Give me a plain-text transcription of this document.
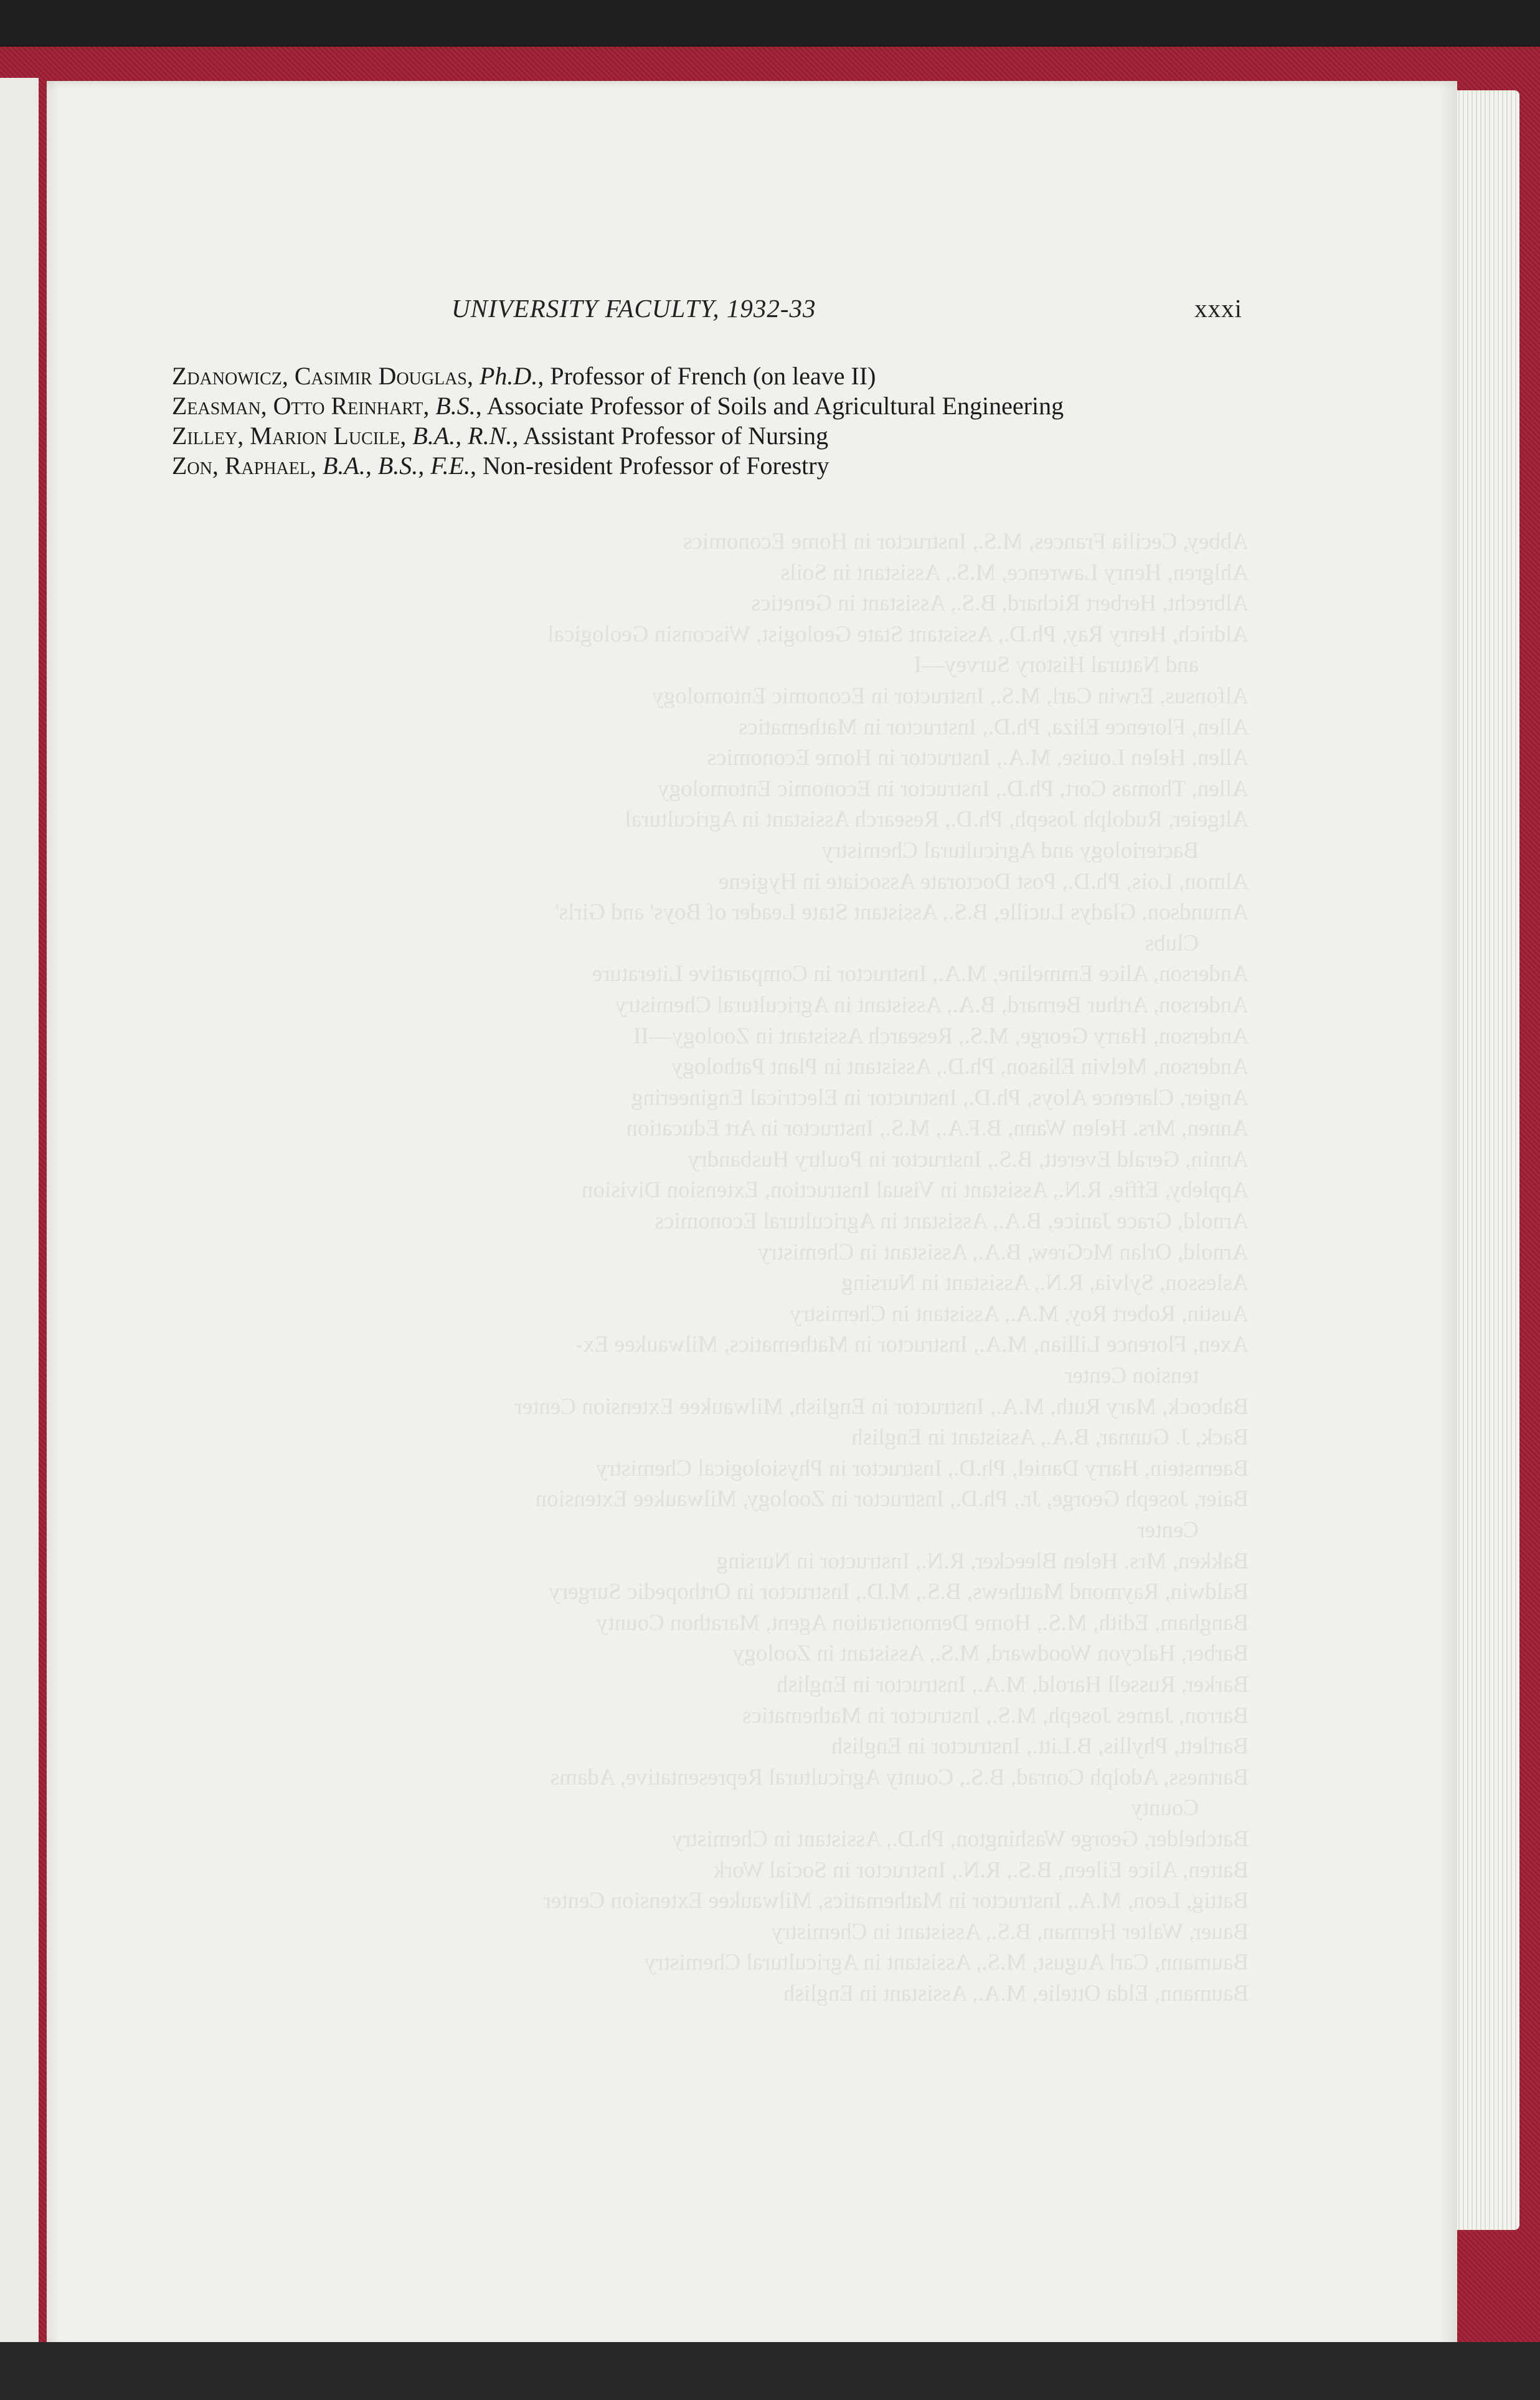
Abbey, Cecilia Frances, M.S., Instructor in Home Economics
Ahlgren, Henry Lawrence, M.S., Assistant in Soils
Albrecht, Herbert Richard, B.S., Assistant in Genetics
Aldrich, Henry Ray, Ph.D., Assistant State Geologist, Wisconsin Geological
and Natural History Survey—I
Alfonsus, Erwin Carl, M.S., Instructor in Economic Entomology
Allen, Florence Eliza, Ph.D., Instructor in Mathematics
Allen, Helen Louise, M.A., Instructor in Home Economics
Allen, Thomas Cort, Ph.D., Instructor in Economic Entomology
Altgeier, Rudolph Joseph, Ph.D., Research Assistant in Agricultural
Bacteriology and Agricultural Chemistry
Almon, Lois, Ph.D., Post Doctorate Associate in Hygiene
Amundson, Gladys Lucille, B.S., Assistant State Leader of Boys' and Girls'
Clubs
Anderson, Alice Emmeline, M.A., Instructor in Comparative Literature
Anderson, Arthur Bernard, B.A., Assistant in Agricultural Chemistry
Anderson, Harry George, M.S., Research Assistant in Zoology—II
Anderson, Melvin Eliason, Ph.D., Assistant in Plant Pathology
Angier, Clarence Aloys, Ph.D., Instructor in Electrical Engineering
Annen, Mrs. Helen Wann, B.F.A., M.S., Instructor in Art Education
Annin, Gerald Everett, B.S., Instructor in Poultry Husbandry
Appleby, Effie, R.N., Assistant in Visual Instruction, Extension Division
Arnold, Grace Janice, B.A., Assistant in Agricultural Economics
Arnold, Orlan McGrew, B.A., Assistant in Chemistry
Aslesson, Sylvia, R.N., Assistant in Nursing
Austin, Robert Roy, M.A., Assistant in Chemistry
Axen, Florence Lillian, M.A., Instructor in Mathematics, Milwaukee Ex-
tension Center
Babcock, Mary Ruth, M.A., Instructor in English, Milwaukee Extension Center
Back, J. Gunnar, B.A., Assistant in English
Baernstein, Harry Daniel, Ph.D., Instructor in Physiological Chemistry
Baier, Joseph George, Jr., Ph.D., Instructor in Zoology, Milwaukee Extension
Center
Bakken, Mrs. Helen Bleecker, R.N., Instructor in Nursing
Baldwin, Raymond Matthews, B.S., M.D., Instructor in Orthopedic Surgery
Bangham, Edith, M.S., Home Demonstration Agent, Marathon County
Barber, Halcyon Woodward, M.S., Assistant in Zoology
Barker, Russell Harold, M.A., Instructor in English
Barron, James Joseph, M.S., Instructor in Mathematics
Bartlett, Phyllis, B.Litt., Instructor in English
Bartness, Adolph Conrad, B.S., County Agricultural Representative, Adams
County
Batchelder, George Washington, Ph.D., Assistant in Chemistry
Batten, Alice Eileen, B.S., R.N., Instructor in Social Work
Battig, Leon, M.A., Instructor in Mathematics, Milwaukee Extension Center
Bauer, Walter Herman, B.S., Assistant in Chemistry
Baumann, Carl August, M.S., Assistant in Agricultural Chemistry
Baumann, Elda Ottelie, M.A., Assistant in English
UNIVERSITY FACULTY, 1932-33	xxxi

Zdanowicz, Casimir Douglas, Ph.D., Professor of French (on leave II)

Zeasman, Otto Reinhart, B.S., Associate Professor of Soils and Agricultural Engineering

Zilley, Marion Lucile, B.A., R.N., Assistant Professor of Nursing

Zon, Raphael, B.A., B.S., F.E., Non-resident Professor of Forestry
